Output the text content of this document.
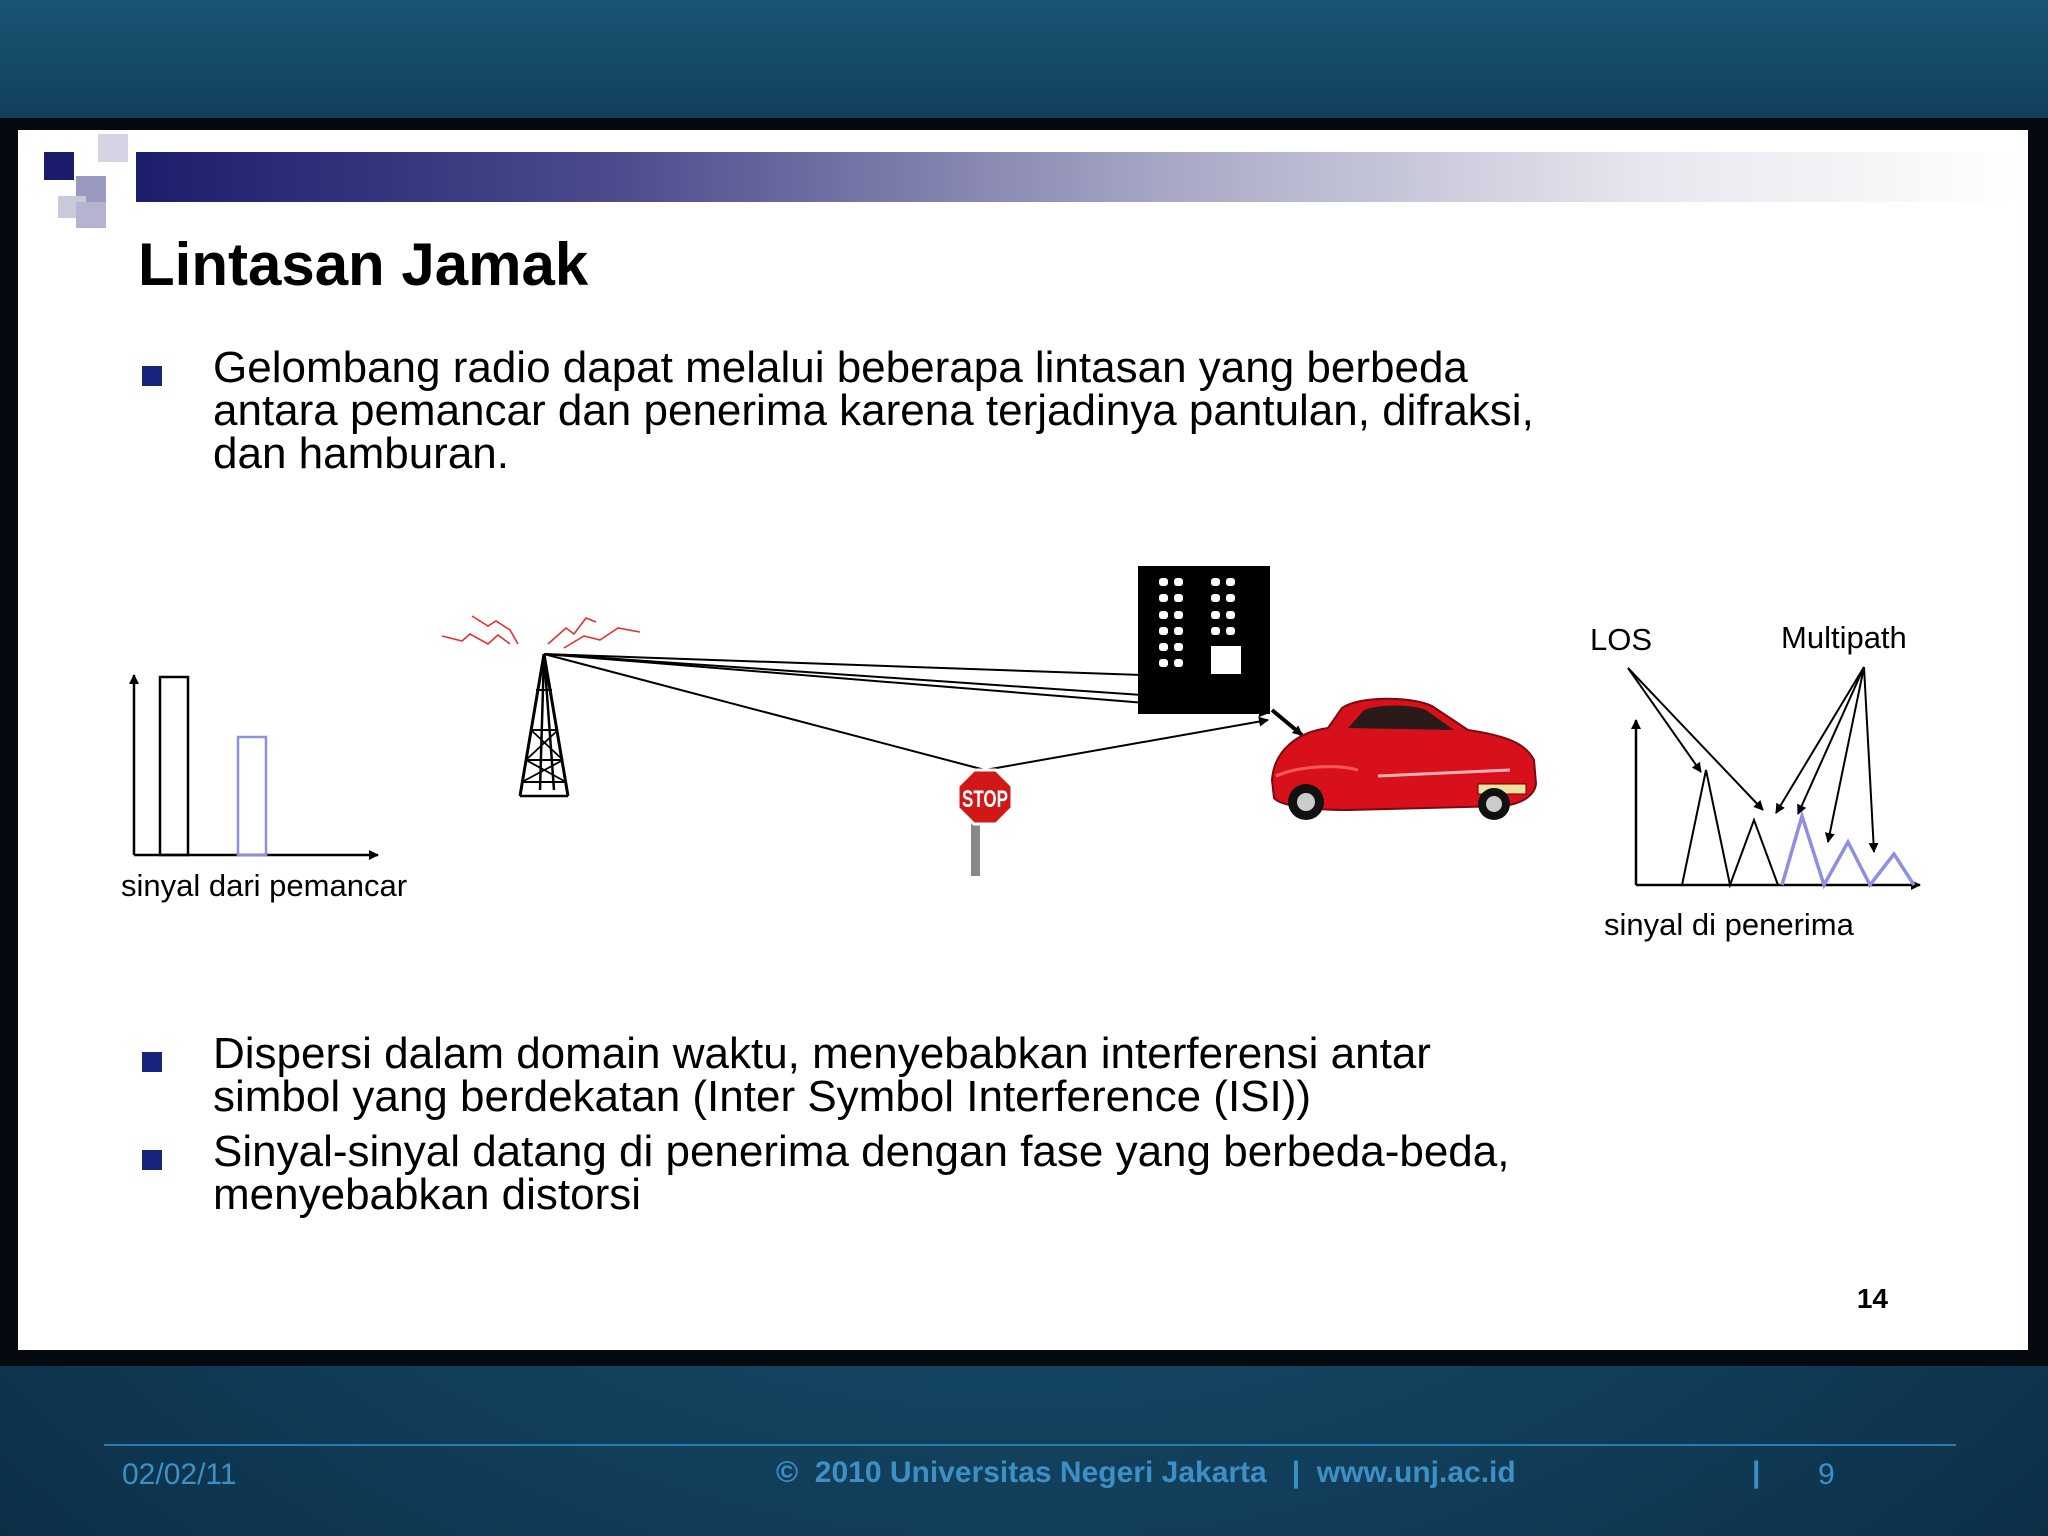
Lintasan Jamak
Gelombang radio dapat melalui beberapa lintasan yang berbeda
antara pemancar dan penerima karena terjadinya pantulan, difraksi,
dan hamburan.
sinyal dari pemancar
STOP
LOS	Multipath
sinyal di penerima
Dispersi dalam domain waktu, menyebabkan interferensi antar
simbol yang berdekatan (Inter Symbol Interference (ISI))
Sinyal-sinyal datang di penerima dengan fase yang berbeda-beda,
menyebabkan distorsi
14
02/02/11	©  2010 Universitas Negeri Jakarta   |  www.unj.ac.id	| 9
